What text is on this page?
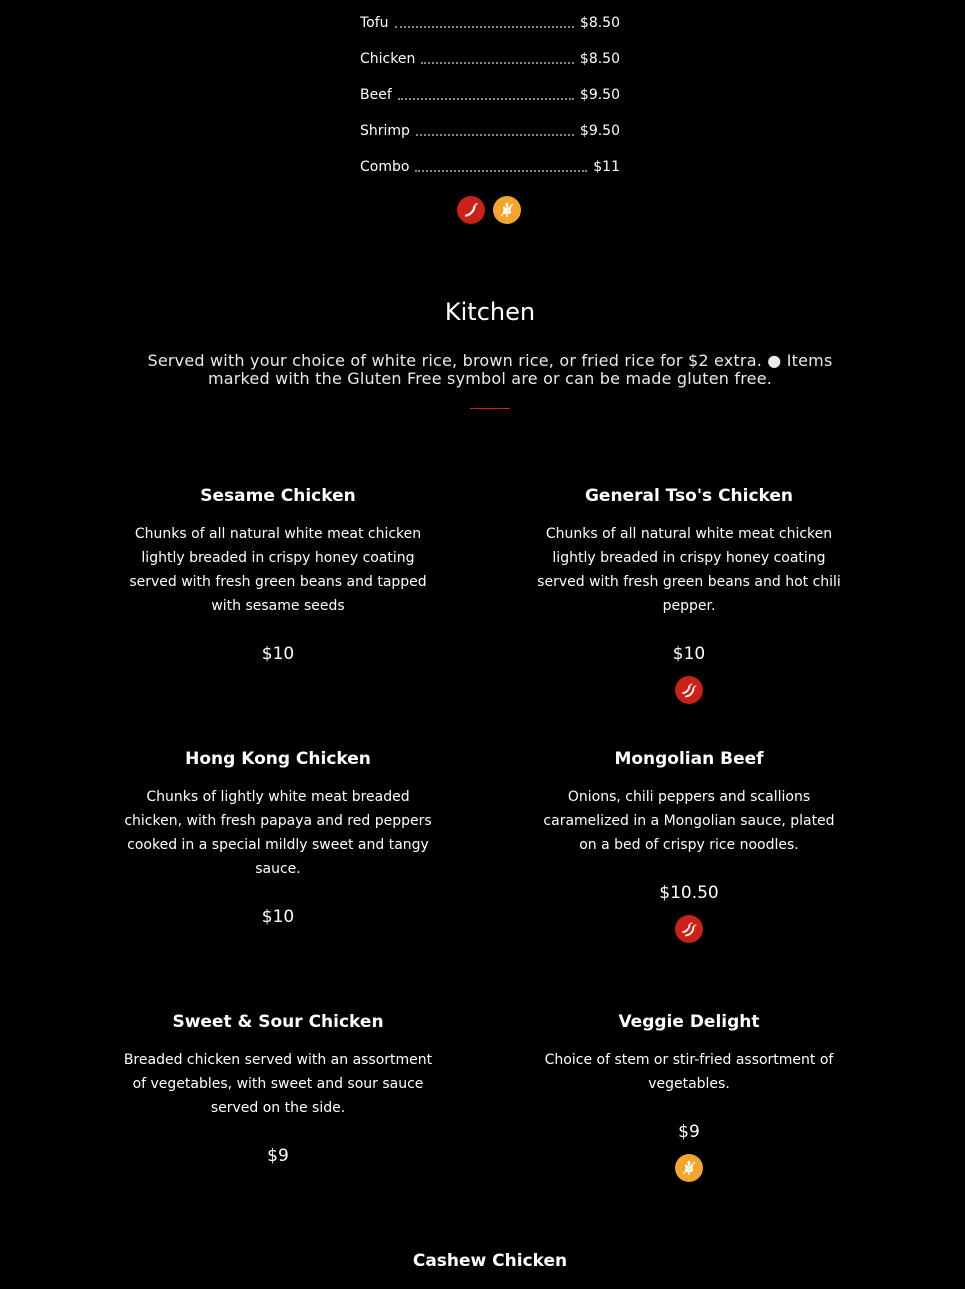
Tofu	$8.50
Chicken	$8.50
Beef	$9.50
Shrimp	$9.50
Combo	$11
Kitchen
Served with your choice of white rice, brown rice, or fried rice for $2 extra. ● Items marked with the Gluten Free symbol are or can be made gluten free.
Sesame Chicken
Chunks of all natural white meat chicken lightly breaded in crispy honey coating served with fresh green beans and tapped with sesame seeds
$10
General Tso's Chicken
Chunks of all natural white meat chicken lightly breaded in crispy honey coating served with fresh green beans and hot chili pepper.
$10
Hong Kong Chicken
Chunks of lightly white meat breaded chicken, with fresh papaya and red peppers cooked in a special mildly sweet and tangy sauce.
$10
Mongolian Beef
Onions, chili peppers and scallions caramelized in a Mongolian sauce, plated on a bed of crispy rice noodles.
$10.50
Sweet & Sour Chicken
Breaded chicken served with an assortment of vegetables, with sweet and sour sauce served on the side.
$9
Veggie Delight
Choice of stem or stir-fried assortment of vegetables.
$9
Cashew Chicken
